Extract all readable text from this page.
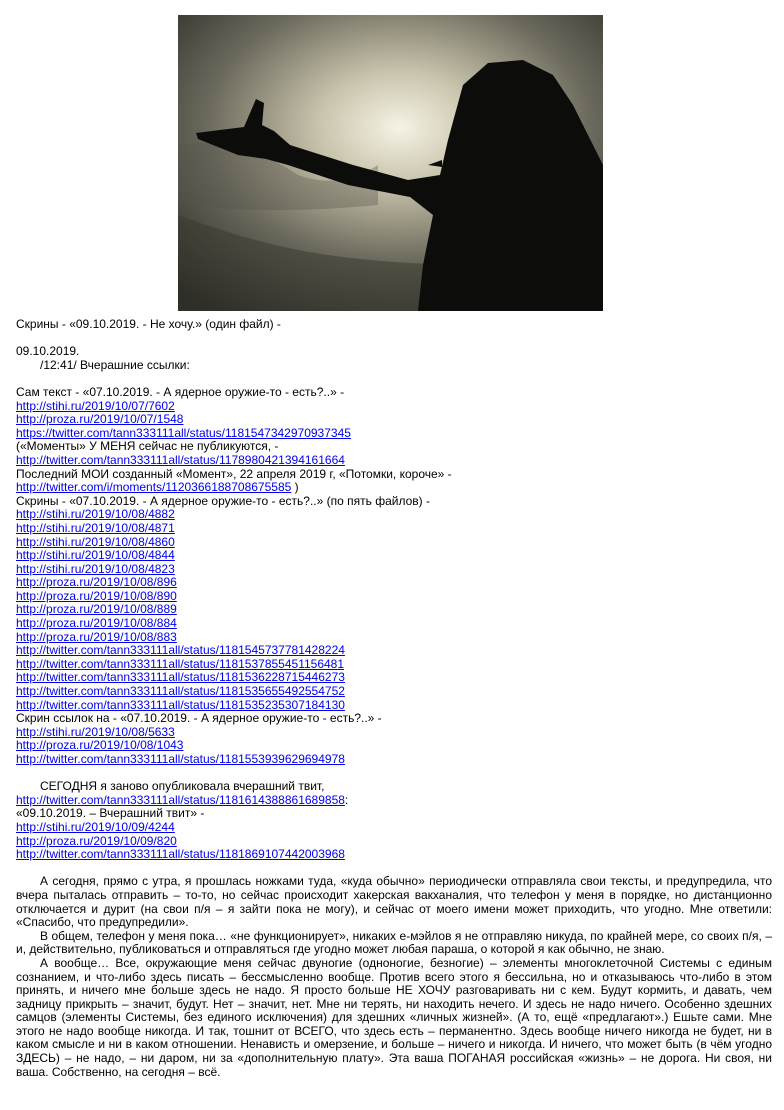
Скрины - «09.10.2019. - Не хочу.» (один файл) -
09.10.2019.
/12:41/ Вчерашние ссылки:
Сам текст - «07.10.2019. - А ядерное оружие-то - есть?..» -
http://stihi.ru/2019/10/07/7602
http://proza.ru/2019/10/07/1548
https://twitter.com/tann333111all/status/1181547342970937345
(«Моменты» У МЕНЯ сейчас не публикуются, -
http://twitter.com/tann333111all/status/1178980421394161664
Последний МОИ созданный «Момент», 22 апреля 2019 г, «Потомки, короче» -
http://twitter.com/i/moments/1120366188708675585 )
Скрины - «07.10.2019. - А ядерное оружие-то - есть?..» (по пять файлов) -
http://stihi.ru/2019/10/08/4882
http://stihi.ru/2019/10/08/4871
http://stihi.ru/2019/10/08/4860
http://stihi.ru/2019/10/08/4844
http://stihi.ru/2019/10/08/4823
http://proza.ru/2019/10/08/896
http://proza.ru/2019/10/08/890
http://proza.ru/2019/10/08/889
http://proza.ru/2019/10/08/884
http://proza.ru/2019/10/08/883
http://twitter.com/tann333111all/status/1181545737781428224
http://twitter.com/tann333111all/status/1181537855451156481
http://twitter.com/tann333111all/status/1181536228715446273
http://twitter.com/tann333111all/status/1181535655492554752
http://twitter.com/tann333111all/status/1181535235307184130
Скрин ссылок на - «07.10.2019. - А ядерное оружие-то - есть?..» -
http://stihi.ru/2019/10/08/5633
http://proza.ru/2019/10/08/1043
http://twitter.com/tann333111all/status/1181553939629694978
СЕГОДНЯ я заново опубликовала вчерашний твит,
http://twitter.com/tann333111all/status/1181614388861689858:
«09.10.2019. – Вчерашний твит» -
http://stihi.ru/2019/10/09/4244
http://proza.ru/2019/10/09/820
http://twitter.com/tann333111all/status/1181869107442003968

А сегодня, прямо с утра, я прошлась ножками туда, «куда обычно» периодически отправляла свои тексты, и предупредила, что вчера пыталась отправить – то-то, но сейчас происходит хакерская вакханалия, что телефон у меня в порядке, но дистанционно отключается и дурит (на свои п/я – я зайти пока не могу), и сейчас от моего имени может приходить, что угодно. Мне ответили: «Спасибо, что предупредили».

В общем, телефон у меня пока… «не функционирует», никаких е-мэйлов я не отправляю никуда, по крайней мере, со своих п/я, – и, действительно, публиковаться и отправляться где угодно может любая параша, о которой я как обычно, не знаю.

А вообще… Все, окружающие меня сейчас двуногие (одноногие, безногие) – элементы многоклеточной Системы с единым сознанием, и что-либо здесь писать – бессмысленно вообще. Против всего этого я бессильна, но и отказываюсь что-либо в этом принять, и ничего мне больше здесь не надо. Я просто больше НЕ ХОЧУ разговаривать ни с кем. Будут кормить, и давать, чем задницу прикрыть – значит, будут. Нет – значит, нет. Мне ни терять, ни находить нечего. И здесь не надо ничего. Особенно здешних самцов (элементы Системы, без единого исключения) для здешних «личных жизней». (А то, ещё «предлагают».) Ешьте сами. Мне этого не надо вообще никогда. И так, тошнит от ВСЕГО, что здесь есть – перманентно. Здесь вообще ничего никогда не будет, ни в каком смысле и ни в каком отношении. Ненависть и омерзение, и больше – ничего и никогда. И ничего, что может быть (в чём угодно ЗДЕСЬ) – не надо, – ни даром, ни за «дополнительную плату». Эта ваша ПОГАНАЯ российская «жизнь» – не дорога. Ни своя, ни ваша. Собственно, на сегодня – всё.
